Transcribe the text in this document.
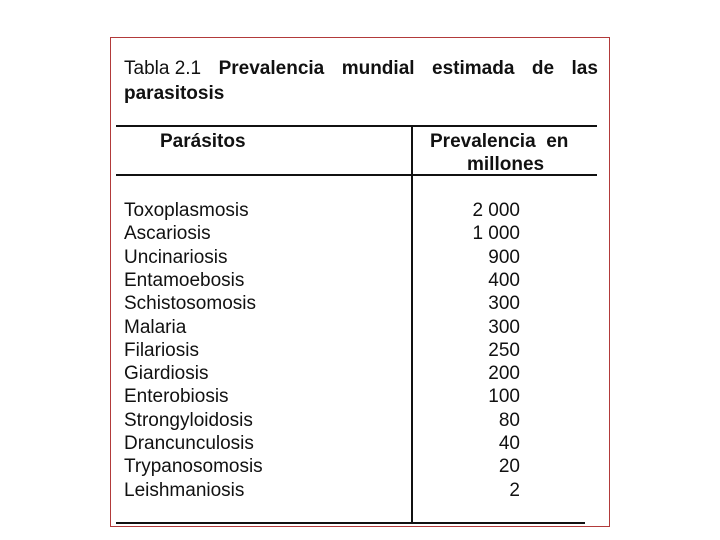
Tabla 2.1 Prevalencia mundial estimada de las
parasitosis
Parásitos	Prevalencia  en
millones
Toxoplasmosis	2 000
Ascariosis	1 000
Uncinariosis	900
Entamoebosis	400
Schistosomosis	300
Malaria	300
Filariosis	250
Giardiosis	200
Enterobiosis	100
Strongyloidosis	80
Drancunculosis	40
Trypanosomosis	20
Leishmaniosis	2
